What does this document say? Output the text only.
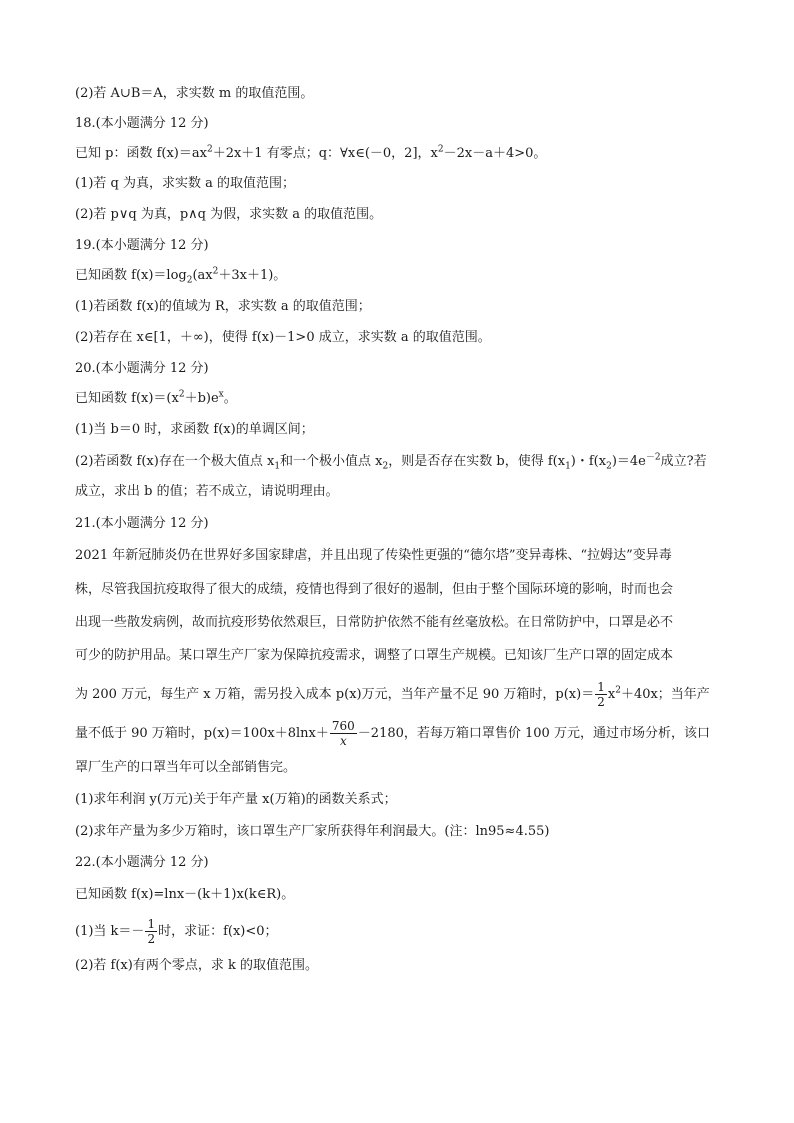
(2)若 A∪B＝A，求实数 m 的取值范围。
18.(本小题满分 12 分)
已知 p：函数 $f(x)=ax^2+2x+1$ 有零点；q：∀x∈(－0，2]，$x^2-2x-a+4>0$。
(1)若 q 为真，求实数 a 的取值范围；
(2)若 p∨q 为真，p∧q 为假，求实数 a 的取值范围。
19.(本小题满分 12 分)
已知函数 $f(x)=\log_2(ax^2+3x+1)$。
(1)若函数 f(x)的值域为 R，求实数 a 的取值范围；
(2)若存在 x∈[1，＋∞)，使得 f(x)－1>0 成立，求实数 a 的取值范围。
20.(本小题满分 12 分)
已知函数 $f(x)=(x^2+b)e^x$。
(1)当 b＝0 时，求函数 f(x)的单调区间；
(2)若函数 f(x)存在一个极大值点 $x_1$和一个极小值点 $x_2$，则是否存在实数 b，使得 $f(x_1)$・$f(x_2)=4e^{-2}$成立?若
成立，求出 b 的值；若不成立，请说明理由。
21.(本小题满分 12 分)
2021 年新冠肺炎仍在世界好多国家肆虐，并且出现了传染性更强的“德尔塔”变异毒株、“拉姆达”变异毒
株，尽管我国抗疫取得了很大的成绩，疫情也得到了很好的遏制，但由于整个国际环境的影响，时而也会
出现一些散发病例，故而抗疫形势依然艰巨，日常防护依然不能有丝毫放松。在日常防护中，口罩是必不
可少的防护用品。某口罩生产厂家为保障抗疫需求，调整了口罩生产规模。已知该厂生产口罩的固定成本
为 200 万元，每生产 x 万箱，需另投入成本 p(x)万元，当年产量不足 90 万箱时，$p(x)= \frac{1}{2} x^2+40x$；当年产
量不低于 90 万箱时，$p(x)=100x+8\ln x+ \frac{760}{x} -2180$，若每万箱口罩售价 100 万元，通过市场分析，该口
罩厂生产的口罩当年可以全部销售完。
(1)求年利润 y(万元)关于年产量 x(万箱)的函数关系式；
(2)求年产量为多少万箱时，该口罩生产厂家所获得年利润最大。(注：ln95≈4.55)
22.(本小题满分 12 分)
已知函数 f(x)=lnx－(k＋1)x(k∈R)。
(1)当 $k=- \frac{1}{2}$ 时，求证：f(x)<0；
(2)若 f(x)有两个零点，求 k 的取值范围。
